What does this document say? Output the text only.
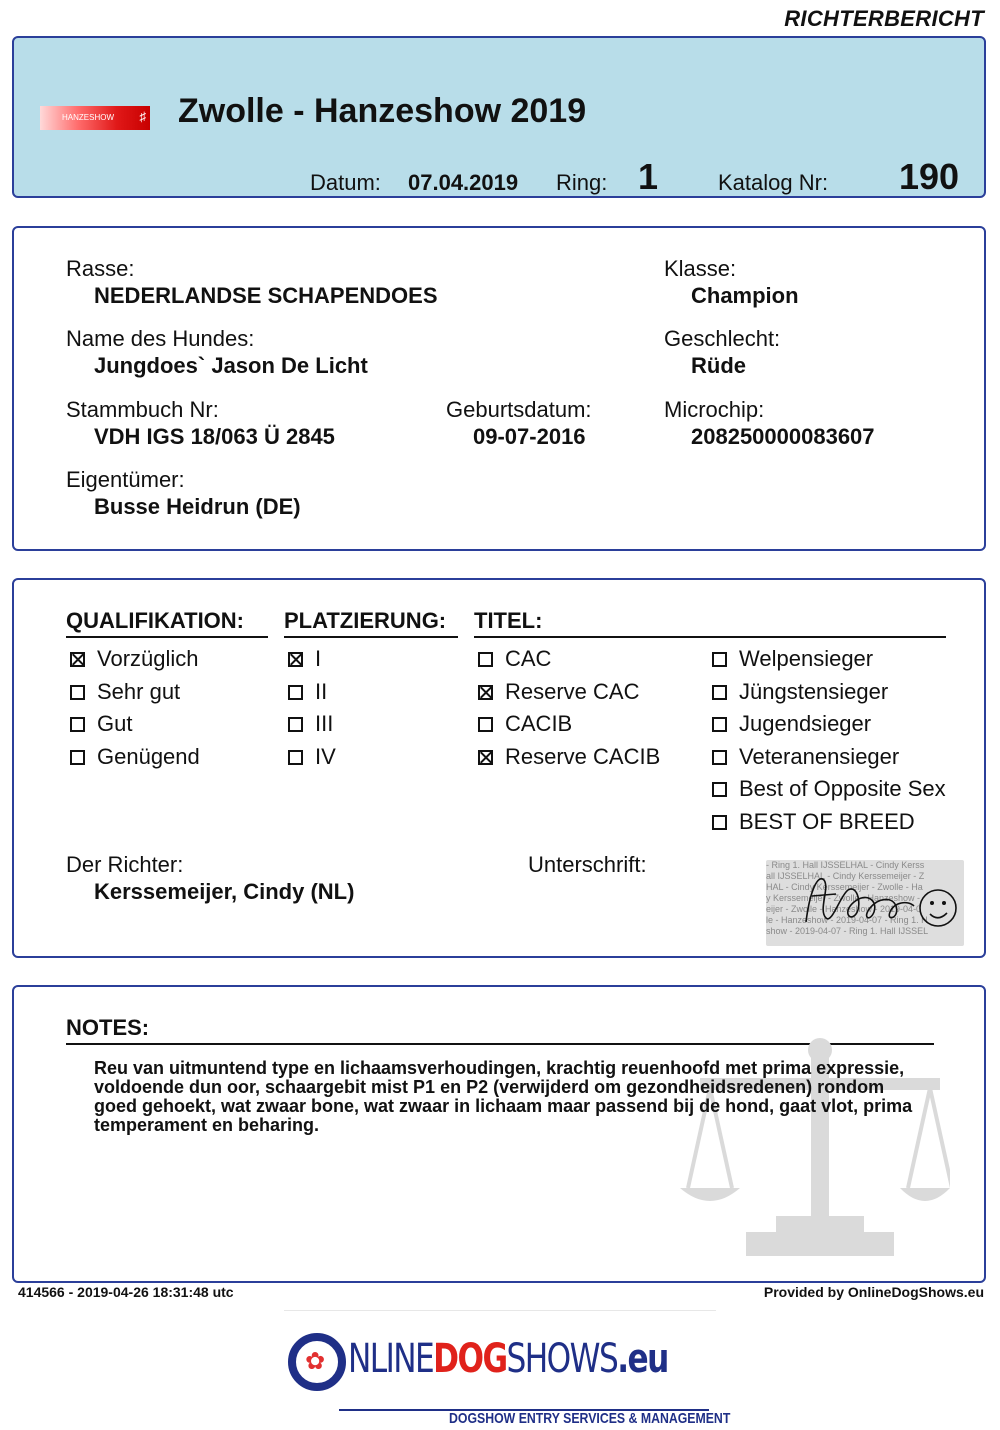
RICHTERBERICHT
HANZESHOW ♯ Zwolle - Hanzeshow 2019
Datum: 07.04.2019 Ring: 1	Katalog Nr: 190
Rasse:
NEDERLANDSE SCHAPENDOES
Klasse:
Champion
Name des Hundes:
Jungdoes` Jason De Licht
Geschlecht:
Rüde
Stammbuch Nr:
VDH IGS 18/063 Ü 2845
Geburtsdatum:
09-07-2016
Microchip:
208250000083607
Eigentümer:
Busse Heidrun (DE)
QUALIFIKATION:	PLATZIERUNG:	TITEL:
Vorzüglich
Sehr gut
Gut
Genügend
I
II
III
IV
CAC
Reserve CAC
CACIB
Reserve CACIB
Welpensieger
Jüngstensieger
Jugendsieger
Veteranensieger
Best of Opposite Sex
BEST OF BREED
Der Richter:
Kerssemeijer, Cindy (NL)
Unterschrift:	- Ring 1. Hall IJSSELHAL - Cindy Kerss
all IJSSELHAL - Cindy Kerssemeijer - Z
HAL - Cindy Kerssemeijer - Zwolle - Ha
y Kerssemeijer - Zwolle - Hanzeshow -
eijer - Zwolle - Hanzeshow - 2019-04-0
le - Hanzeshow - 2019-04-07 - Ring 1. H
show - 2019-04-07 - Ring 1. Hall IJSSEL
NOTES:
Reu van uitmuntend type en lichaamsverhoudingen, krachtig reuenhoofd met prima expressie, voldoende dun oor, schaargebit mist P1 en P2 (verwijderd om gezondheidsredenen) rondom goed gehoekt, wat zwaar bone, wat zwaar in lichaam maar passend bij de hond, gaat vlot, prima temperament en beharing.
414566 - 2019-04-26 18:31:48 utc	Provided by OnlineDogShows.eu
✿ NLINEDOGSHOWS.eu
DOGSHOW ENTRY SERVICES & MANAGEMENT
